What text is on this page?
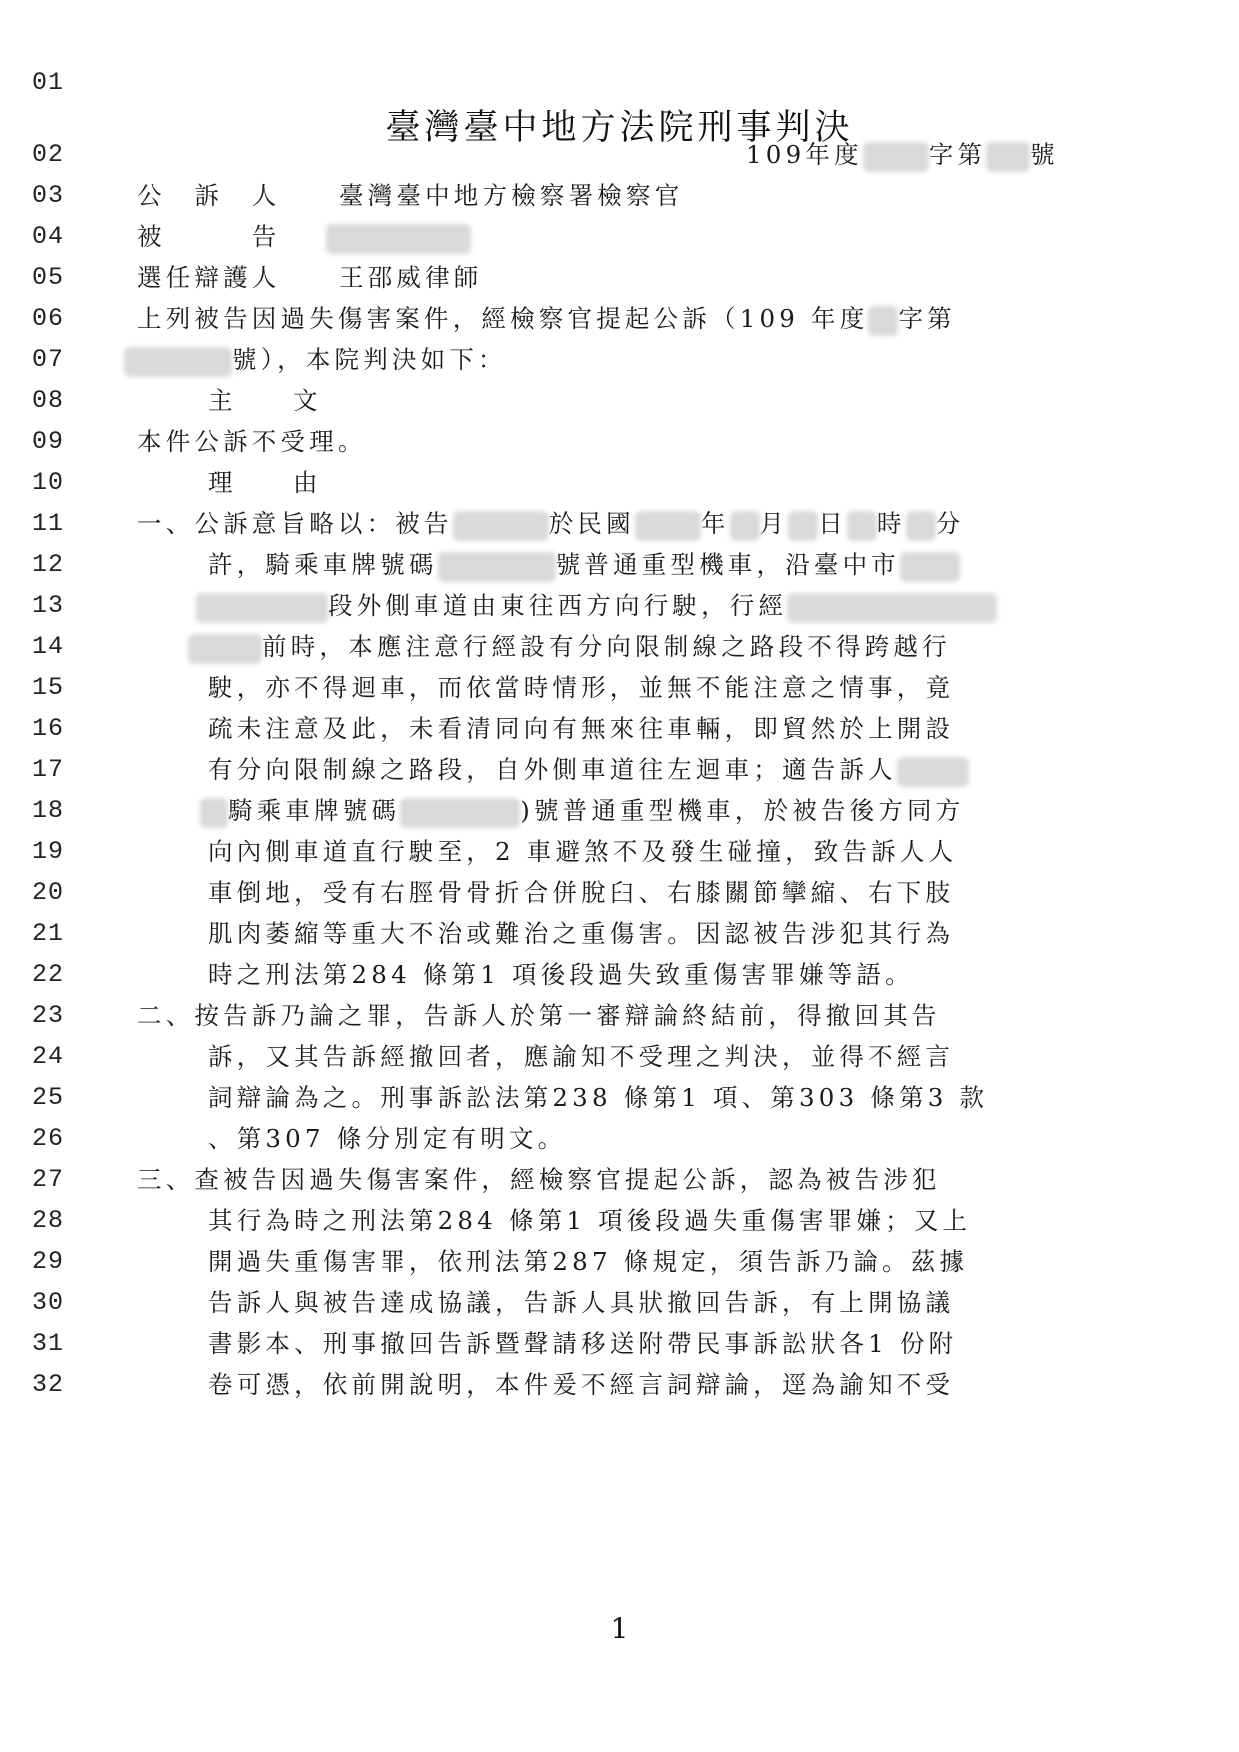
01
02
03
04
05
06
07
08
09
10
11
12
13
14
15
16
17
18
19
20
21
22
23
24
25
26
27
28
29
30
31
32
臺灣臺中地方法院刑事判決
109年度	字第 號
公　訴　人 臺灣臺中地方檢察署檢察官
被　　　告
選任辯護人 王邵威律師
上列被告因過失傷害案件，經檢察官提起公訴（109 年度 字第
號），本院判決如下：
主　文
本件公訴不受理。
理　由
一、公訴意旨略以：被告	於民國	年 月 日 時 分
許，騎乘車牌號碼	號普通重型機車，沿臺中市
段外側車道由東往西方向行駛，行經
前時，本應注意行經設有分向限制線之路段不得跨越行
駛，亦不得迴車，而依當時情形，並無不能注意之情事，竟
疏未注意及此，未看清同向有無來往車輛，即貿然於上開設
有分向限制線之路段，自外側車道往左迴車；適告訴人
騎乘車牌號碼	)號普通重型機車，於被告後方同方
向內側車道直行駛至，2 車避煞不及發生碰撞，致告訴人人
車倒地，受有右脛骨骨折合併脫臼、右膝關節攣縮、右下肢
肌肉萎縮等重大不治或難治之重傷害。因認被告涉犯其行為
時之刑法第284 條第1 項後段過失致重傷害罪嫌等語。
二、按告訴乃論之罪，告訴人於第一審辯論終結前，得撤回其告
訴，又其告訴經撤回者，應諭知不受理之判決，並得不經言
詞辯論為之。刑事訴訟法第238 條第1 項、第303 條第3 款
、第307 條分別定有明文。
三、查被告因過失傷害案件，經檢察官提起公訴，認為被告涉犯
其行為時之刑法第284 條第1 項後段過失重傷害罪嫌；又上
開過失重傷害罪，依刑法第287 條規定，須告訴乃論。茲據
告訴人與被告達成協議，告訴人具狀撤回告訴，有上開協議
書影本、刑事撤回告訴暨聲請移送附帶民事訴訟狀各1 份附
卷可憑，依前開說明，本件爰不經言詞辯論，逕為諭知不受
1
